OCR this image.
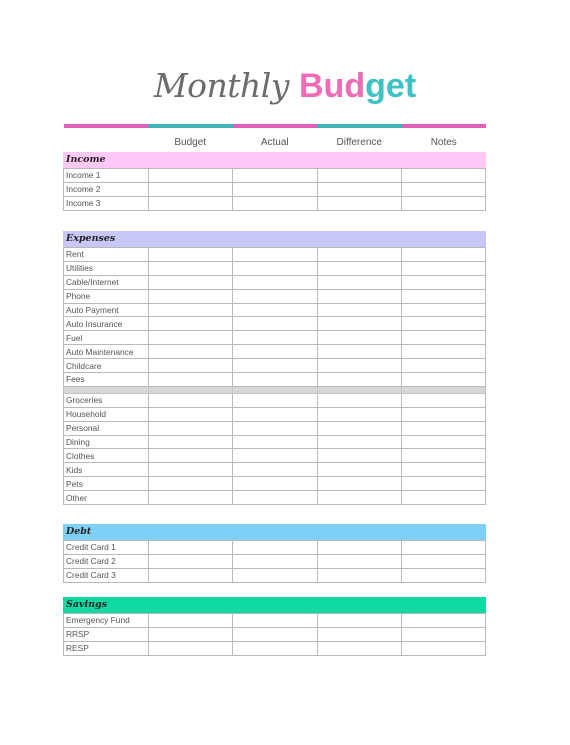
Monthly Budget
Budget	Actual	Difference	Notes
Income
Income 1				
Income 2				
Income 3				
Expenses
Rent				
Utilities				
Cable/Internet				
Phone				
Auto Payment				
Auto Insurance				
Fuel				
Auto Maintenance				
Childcare				
Fees				

Groceries				
Household				
Personal				
Dining				
Clothes				
Kids				
Pets				
Other				
Debt
Credit Card 1				
Credit Card 2				
Credit Card 3				
Savings
Emergency Fund				
RRSP				
RESP				
